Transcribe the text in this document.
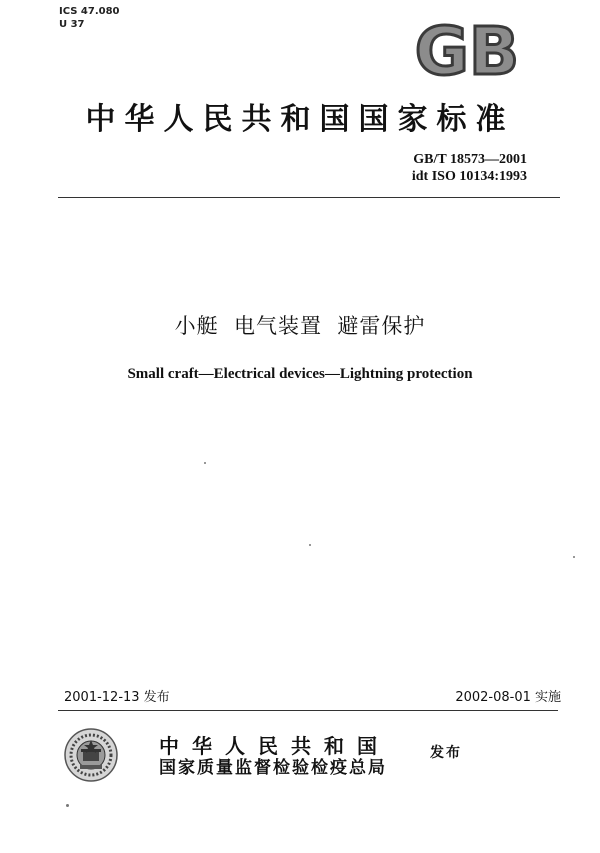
ICS 47.080
U 37	GB
中华人民共和国国家标准
GB/T 18573—2001
idt ISO 10134:1993
小艇  电气装置  避雷保护
Small craft—Electrical devices—Lightning protection
2001-12-13 发布	2002-08-01 实施
中华人民共和国
国家质量监督检验检疫总局
发布
